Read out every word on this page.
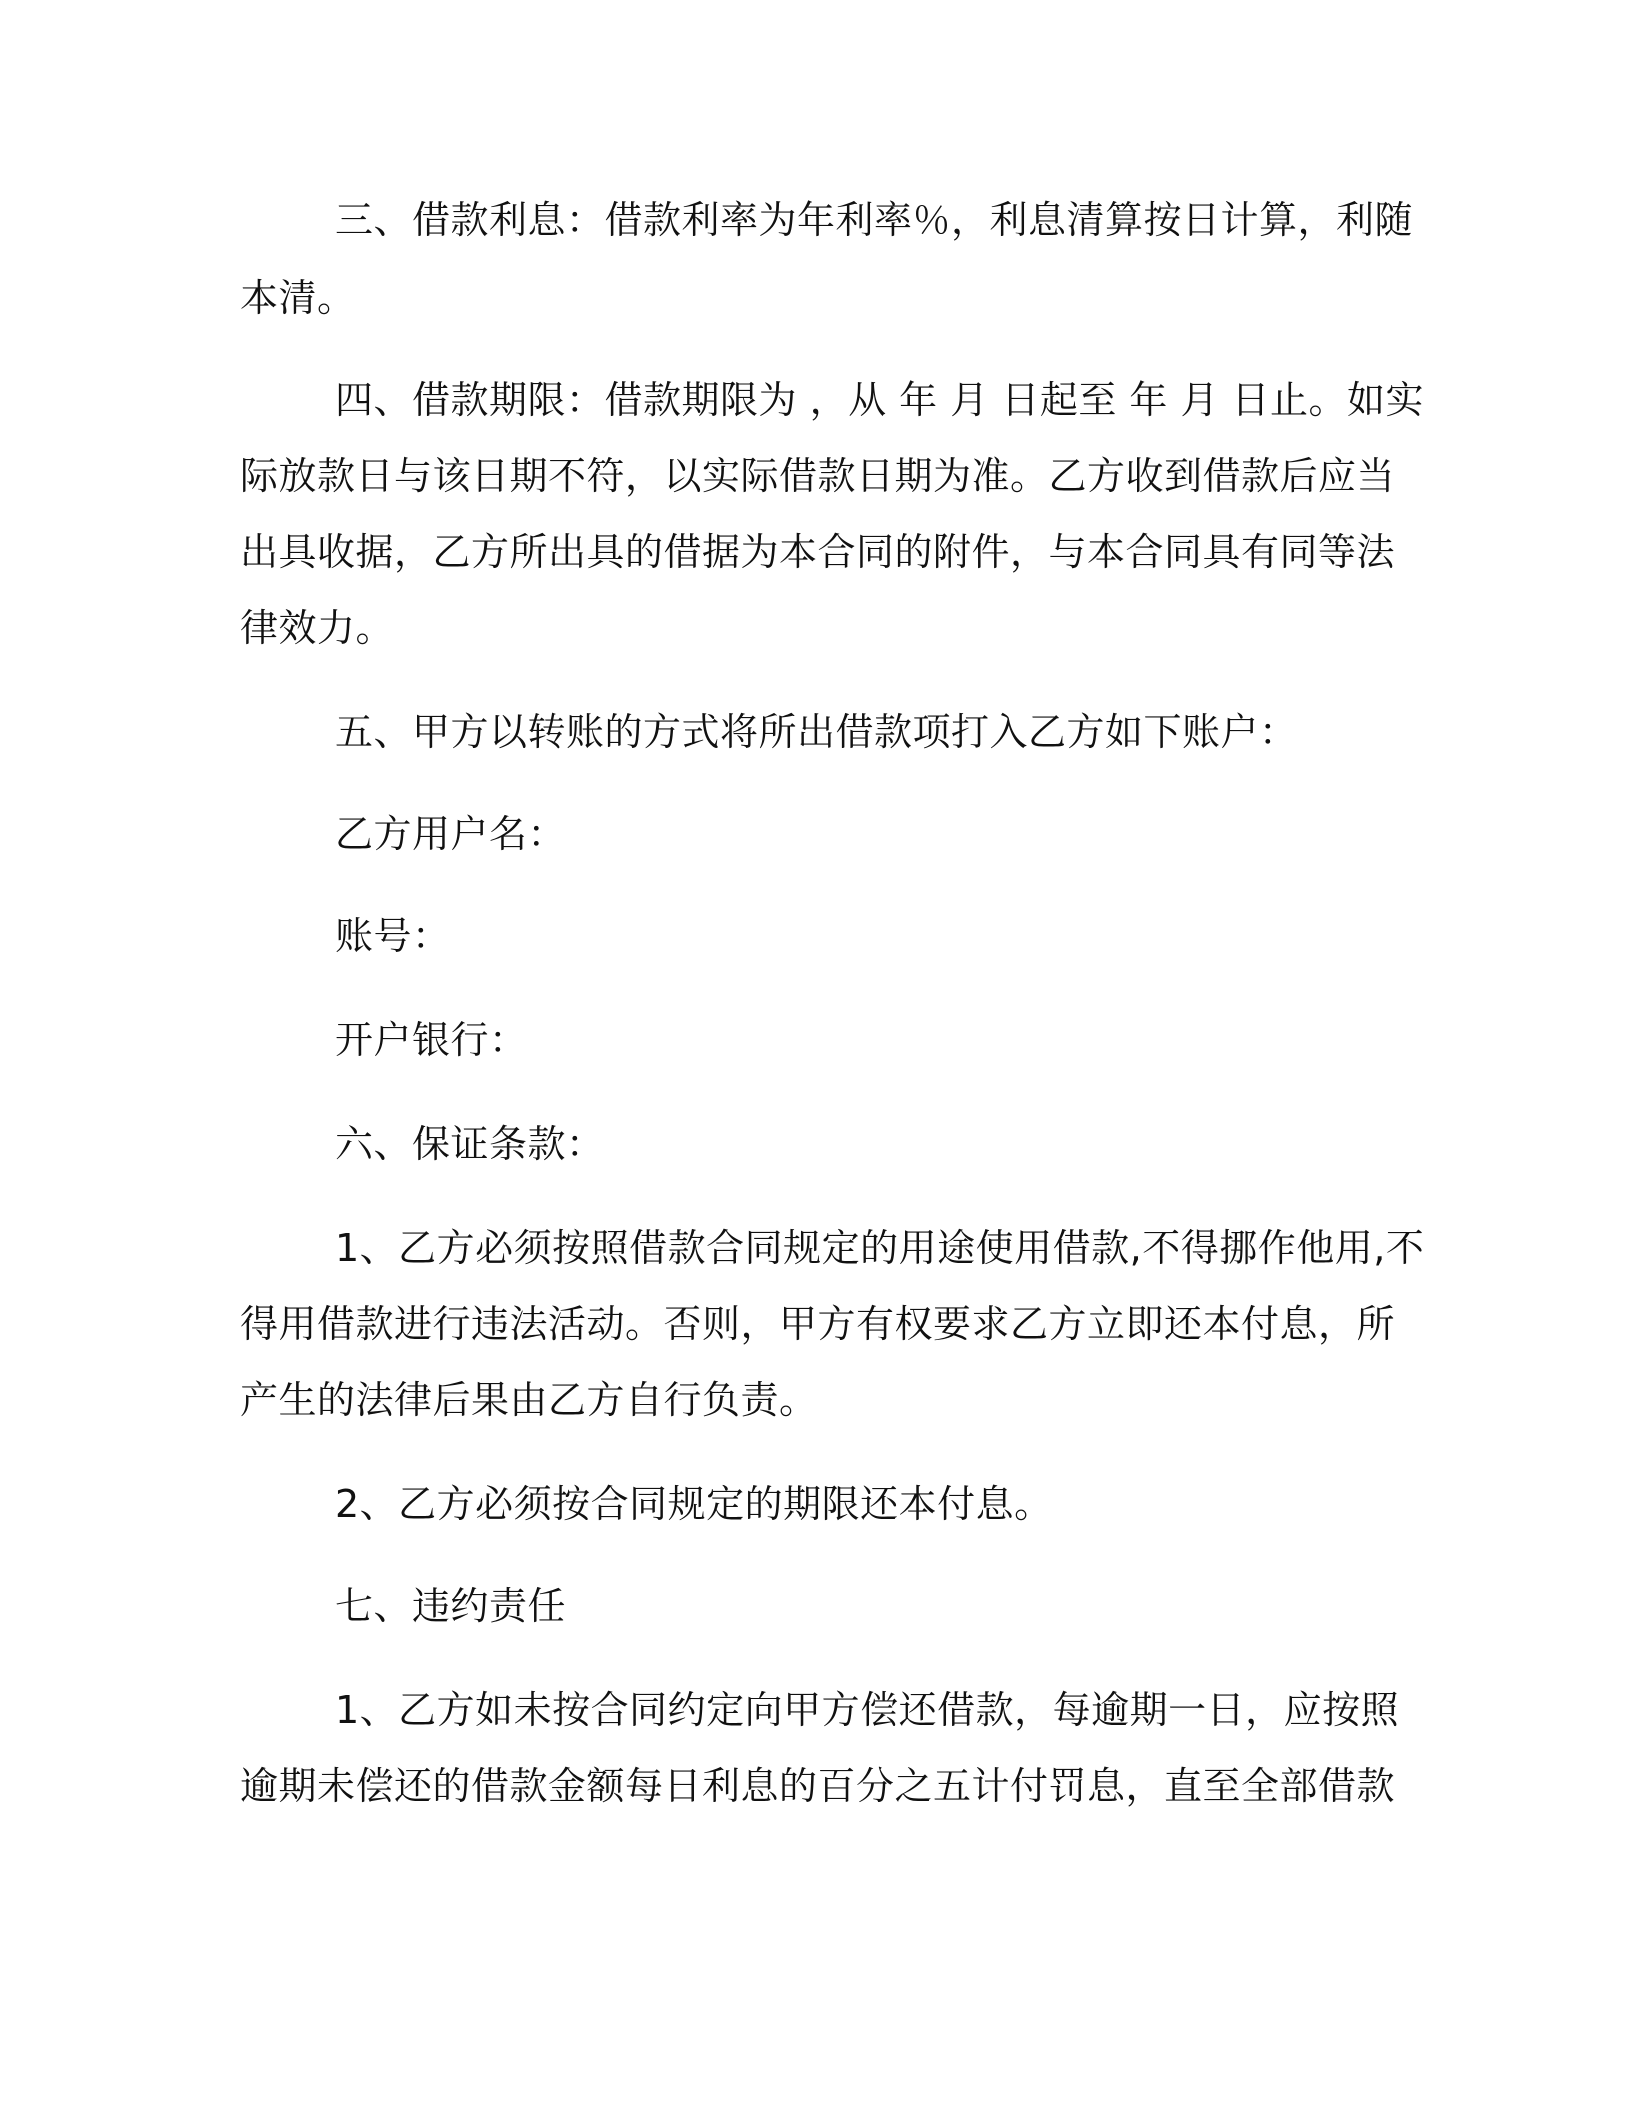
三、借款利息：借款利率为年利率％，利息清算按日计算，利随
本清。
四、借款期限：借款期限为 ，从 年 月 日起至 年 月 日止。如实
际放款日与该日期不符，以实际借款日期为准。乙方收到借款后应当
出具收据，乙方所出具的借据为本合同的附件，与本合同具有同等法
律效力。
五、甲方以转账的方式将所出借款项打入乙方如下账户：
乙方用户名：
账号：
开户银行：
六、保证条款：
1、乙方必须按照借款合同规定的用途使用借款,不得挪作他用,不
得用借款进行违法活动。否则，甲方有权要求乙方立即还本付息，所
产生的法律后果由乙方自行负责。
2、乙方必须按合同规定的期限还本付息。
七、违约责任
1、乙方如未按合同约定向甲方偿还借款，每逾期一日，应按照
逾期未偿还的借款金额每日利息的百分之五计付罚息，直至全部借款
